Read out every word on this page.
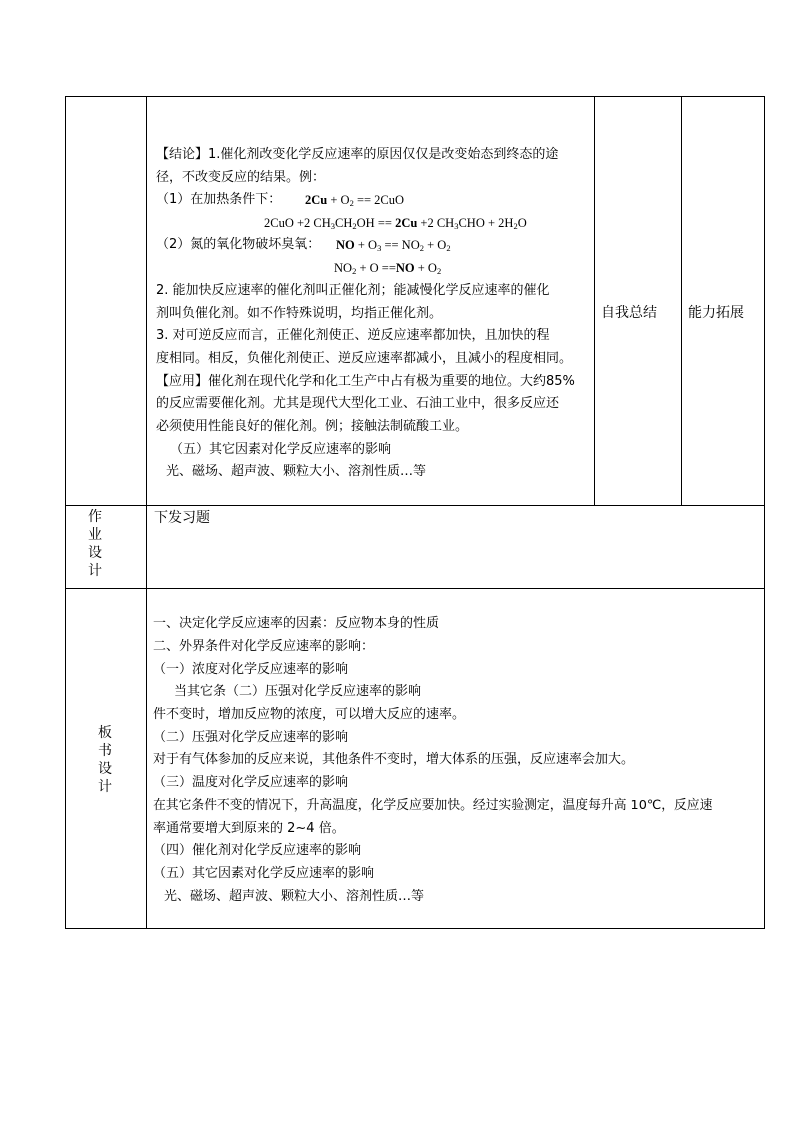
【结论】1.催化剂改变化学反应速率的原因仅仅是改变始态到终态的途
径，不改变反应的结果。例：
（1）在加热条件下： $2Cu + O_2 == 2CuO$
2CuO +2 $CH_3CH_2OH == 2Cu +2$ $CH_3CHO + 2H_2O$
（2）氮的氧化物破坏臭氧： NO + $O_3 == NO_2 + O_2$
$NO_2 + O ==NO + O_2$
2. 能加快反应速率的催化剂叫正催化剂；能减慢化学反应速率的催化
剂叫负催化剂。如不作特殊说明，均指正催化剂。
3. 对可逆反应而言，正催化剂使正、逆反应速率都加快，且加快的程
度相同。相反，负催化剂使正、逆反应速率都减小，且减小的程度相同。
【应用】催化剂在现代化学和化工生产中占有极为重要的地位。大约85%
的反应需要催化剂。尤其是现代大型化工业、石油工业中，很多反应还
必须使用性能良好的催化剂。例；接触法制硫酸工业。
（五）其它因素对化学反应速率的影响
光、磁场、超声波、颗粒大小、溶剂性质…等
自我总结 能力拓展
作业设计
下发习题
板书设计
一、决定化学反应速率的因素：反应物本身的性质
二、外界条件对化学反应速率的影响：
（一）浓度对化学反应速率的影响
当其它条（二）压强对化学反应速率的影响
件不变时，增加反应物的浓度，可以增大反应的速率。
（二）压强对化学反应速率的影响
对于有气体参加的反应来说，其他条件不变时，增大体系的压强，反应速率会加大。
（三）温度对化学反应速率的影响
在其它条件不变的情况下，升高温度，化学反应要加快。经过实验测定，温度每升高 10℃，反应速
率通常要增大到原来的 2~4 倍。
（四）催化剂对化学反应速率的影响
（五）其它因素对化学反应速率的影响
光、磁场、超声波、颗粒大小、溶剂性质…等
